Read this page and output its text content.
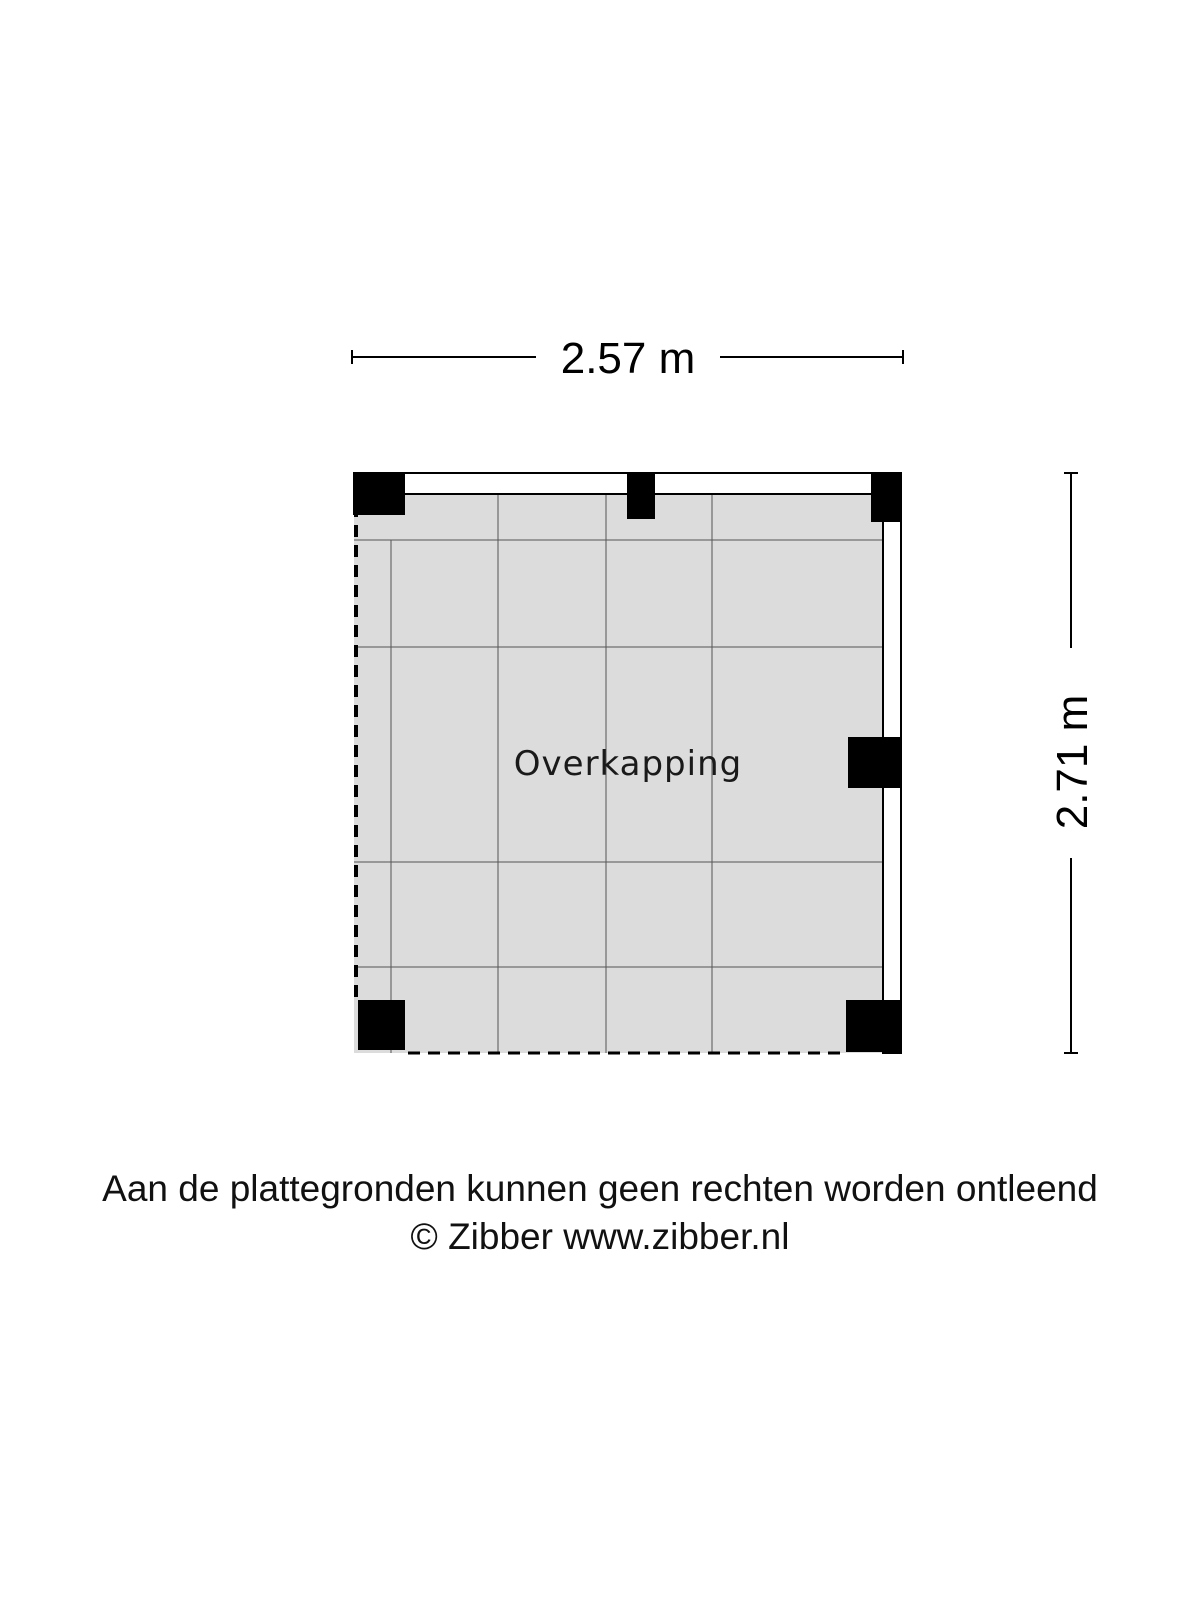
2.57 m
2.71 m
Overkapping

Aan de plattegronden kunnen geen rechten worden ontleend

© Zibber www.zibber.nl
